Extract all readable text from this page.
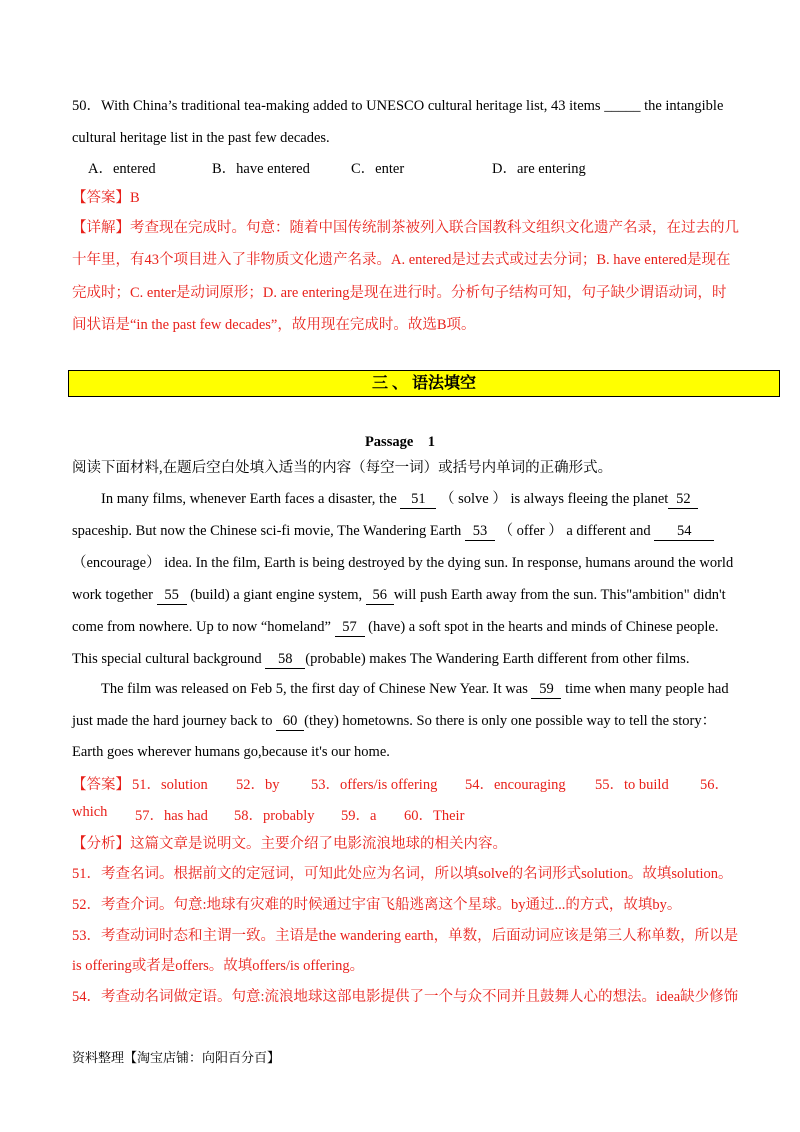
50．With China’s traditional tea-making added to UNESCO cultural heritage list, 43 items _____ the intangible
cultural heritage list in the past few decades.
A．entered	B．have entered	C．enter	D．are entering
【答案】B
【详解】考查现在完成时。句意：随着中国传统制茶被列入联合国教科文组织文化遗产名录，在过去的几
十年里，有43个项目进入了非物质文化遗产名录。A. entered是过去式或过去分词；B. have entered是现在
完成时；C. enter是动词原形；D. are entering是现在进行时。分析句子结构可知，句子缺少谓语动词，时
间状语是“in the past few decades”，故用现在完成时。故选B项。
三 、 语法填空
Passage　1
阅读下面材料,在题后空白处填入适当的内容（每空一词）或括号内单词的正确形式。
In many films, whenever Earth faces a disaster, the 51 （ solve ） is always fleeing the planet 52
spaceship. But now the Chinese sci-fi movie, The Wandering Earth 53 （ offer ） a different and 54
（encourage） idea. In the film, Earth is being destroyed by the dying sun. In response, humans around the world
work together 55 (build) a giant engine system, 56 will push Earth away from the sun. This"ambition" didn't
come from nowhere. Up to now “homeland” 57 (have) a soft spot in the hearts and minds of Chinese people.
This special cultural background 58 (probable) makes The Wandering Earth different from other films.
The film was released on Feb 5, the first day of Chinese New Year. It was 59 time when many people had
just made the hard journey back to 60 (they) hometowns. So there is only one possible way to tell the story：
Earth goes wherever humans go,because it's our home.
【答案】 51．solution 52．by 53．offers/is offering 54．encouraging 55．to build 56．
which 57．has had 58．probably 59．a 60．Their
【分析】这篇文章是说明文。主要介绍了电影流浪地球的相关内容。
51．考查名词。根据前文的定冠词，可知此处应为名词，所以填solve的名词形式solution。故填solution。
52．考查介词。句意:地球有灾难的时候通过宇宙飞船逃离这个星球。by通过...的方式，故填by。
53．考查动词时态和主谓一致。主语是the wandering earth，单数，后面动词应该是第三人称单数，所以是
is offering或者是offers。故填offers/is offering。
54．考查动名词做定语。句意:流浪地球这部电影提供了一个与众不同并且鼓舞人心的想法。idea缺少修饰
资料整理【淘宝店铺：向阳百分百】
